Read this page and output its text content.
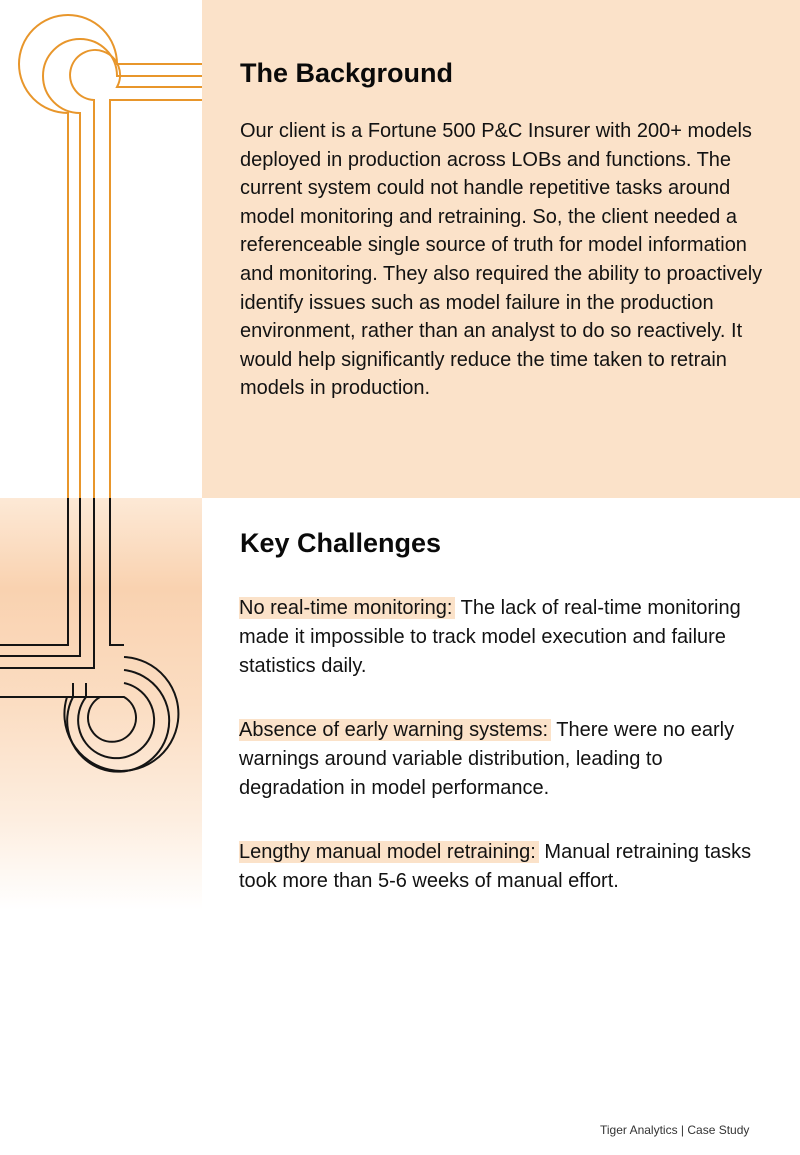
The Background

Our client is a Fortune 500 P&C Insurer with 200+ models deployed in production across LOBs and functions. The current system could not handle repetitive tasks around model monitoring and retraining. So, the client needed a referenceable single source of truth for model information and monitoring. They also required the ability to proactively identify issues such as model failure in the production environment, rather than an analyst to do so reactively. It would help significantly reduce the time taken to retrain models in production.

Key Challenges

No real-time monitoring: The lack of real-time monitoring made it impossible to track model execution and failure statistics daily.

Absence of early warning systems: There were no early warnings around variable distribution, leading to degradation in model performance.

Lengthy manual model retraining: Manual retraining tasks took more than 5-6 weeks of manual effort.

Tiger Analytics | Case Study
